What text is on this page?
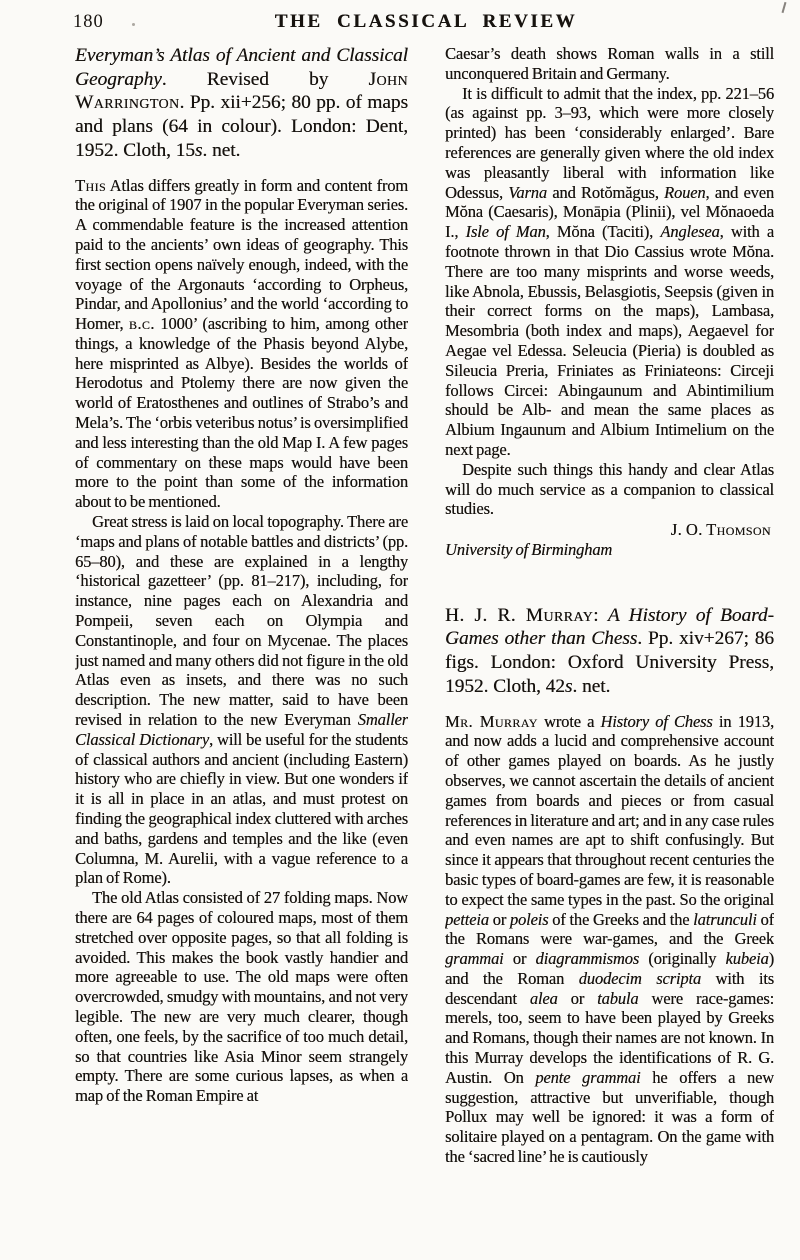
180	THE CLASSICAL REVIEW

Everyman’s Atlas of Ancient and Classical Geography. Revised by John Warrington. Pp. xii+256; 80 pp. of maps and plans (64 in colour). London: Dent, 1952. Cloth, 15s. net.

This Atlas differs greatly in form and content from the original of 1907 in the popular Everyman series. A commendable feature is the increased attention paid to the ancients’ own ideas of geography. This first section opens naïvely enough, indeed, with the voyage of the Argonauts ‘according to Orpheus, Pindar, and Apollonius’ and the world ‘according to Homer, b.c. 1000’ (ascribing to him, among other things, a knowledge of the Phasis beyond Alybe, here misprinted as Albye). Besides the worlds of Herodotus and Ptolemy there are now given the world of Eratosthenes and outlines of Strabo’s and Mela’s. The ‘orbis veteribus notus’ is oversimplified and less interesting than the old Map I. A few pages of commentary on these maps would have been more to the point than some of the information about to be mentioned.

Great stress is laid on local topography. There are ‘maps and plans of notable battles and districts’ (pp. 65–80), and these are explained in a lengthy ‘historical gazetteer’ (pp. 81–217), including, for instance, nine pages each on Alexandria and Pompeii, seven each on Olympia and Constantinople, and four on Mycenae. The places just named and many others did not figure in the old Atlas even as insets, and there was no such description. The new matter, said to have been revised in relation to the new Everyman Smaller Classical Dictionary, will be useful for the students of classical authors and ancient (including Eastern) history who are chiefly in view. But one wonders if it is all in place in an atlas, and must protest on finding the geographical index cluttered with arches and baths, gardens and temples and the like (even Columna, M. Aurelii, with a vague reference to a plan of Rome).

The old Atlas consisted of 27 folding maps. Now there are 64 pages of coloured maps, most of them stretched over opposite pages, so that all folding is avoided. This makes the book vastly handier and more agreeable to use. The old maps were often overcrowded, smudgy with mountains, and not very legible. The new are very much clearer, though often, one feels, by the sacrifice of too much detail, so that countries like Asia Minor seem strangely empty. There are some curious lapses, as when a map of the Roman Empire at

Caesar’s death shows Roman walls in a still unconquered Britain and Germany.

It is difficult to admit that the index, pp. 221–56 (as against pp. 3–93, which were more closely printed) has been ‘considerably enlarged’. Bare references are generally given where the old index was pleasantly liberal with information like Odessus, Varna and Rotŏmăgus, Rouen, and even Mŏna (Caesaris), Monāpia (Plinii), vel Mŏnaoeda I., Isle of Man, Mŏna (Taciti), Anglesea, with a footnote thrown in that Dio Cassius wrote Mŏna. There are too many misprints and worse weeds, like Abnola, Ebussis, Belasgiotis, Seepsis (given in their correct forms on the maps), Lambasa, Mesombria (both index and maps), Aegaevel for Aegae vel Edessa. Seleucia (Pieria) is doubled as Sileucia Preria, Friniates as Friniateons: Circeji follows Circei: Abingaunum and Abintimilium should be Alb- and mean the same places as Albium Ingaunum and Albium Intimelium on the next page.

Despite such things this handy and clear Atlas will do much service as a companion to classical studies.

J. O. Thomson

University of Birmingham

H. J. R. Murray: A History of Board-Games other than Chess. Pp. xiv+267; 86 figs. London: Oxford University Press, 1952. Cloth, 42s. net.

Mr. Murray wrote a History of Chess in 1913, and now adds a lucid and comprehensive account of other games played on boards. As he justly observes, we cannot ascertain the details of ancient games from boards and pieces or from casual references in literature and art; and in any case rules and even names are apt to shift confusingly. But since it appears that throughout recent centuries the basic types of board-games are few, it is reasonable to expect the same types in the past. So the original petteia or poleis of the Greeks and the latrunculi of the Romans were war-games, and the Greek grammai or diagrammismos (originally kubeia) and the Roman duodecim scripta with its descendant alea or tabula were race-games: merels, too, seem to have been played by Greeks and Romans, though their names are not known. In this Murray develops the identifications of R. G. Austin. On pente grammai he offers a new suggestion, attractive but unverifiable, though Pollux may well be ignored: it was a form of solitaire played on a pentagram. On the game with the ‘sacred line’ he is cautiously
